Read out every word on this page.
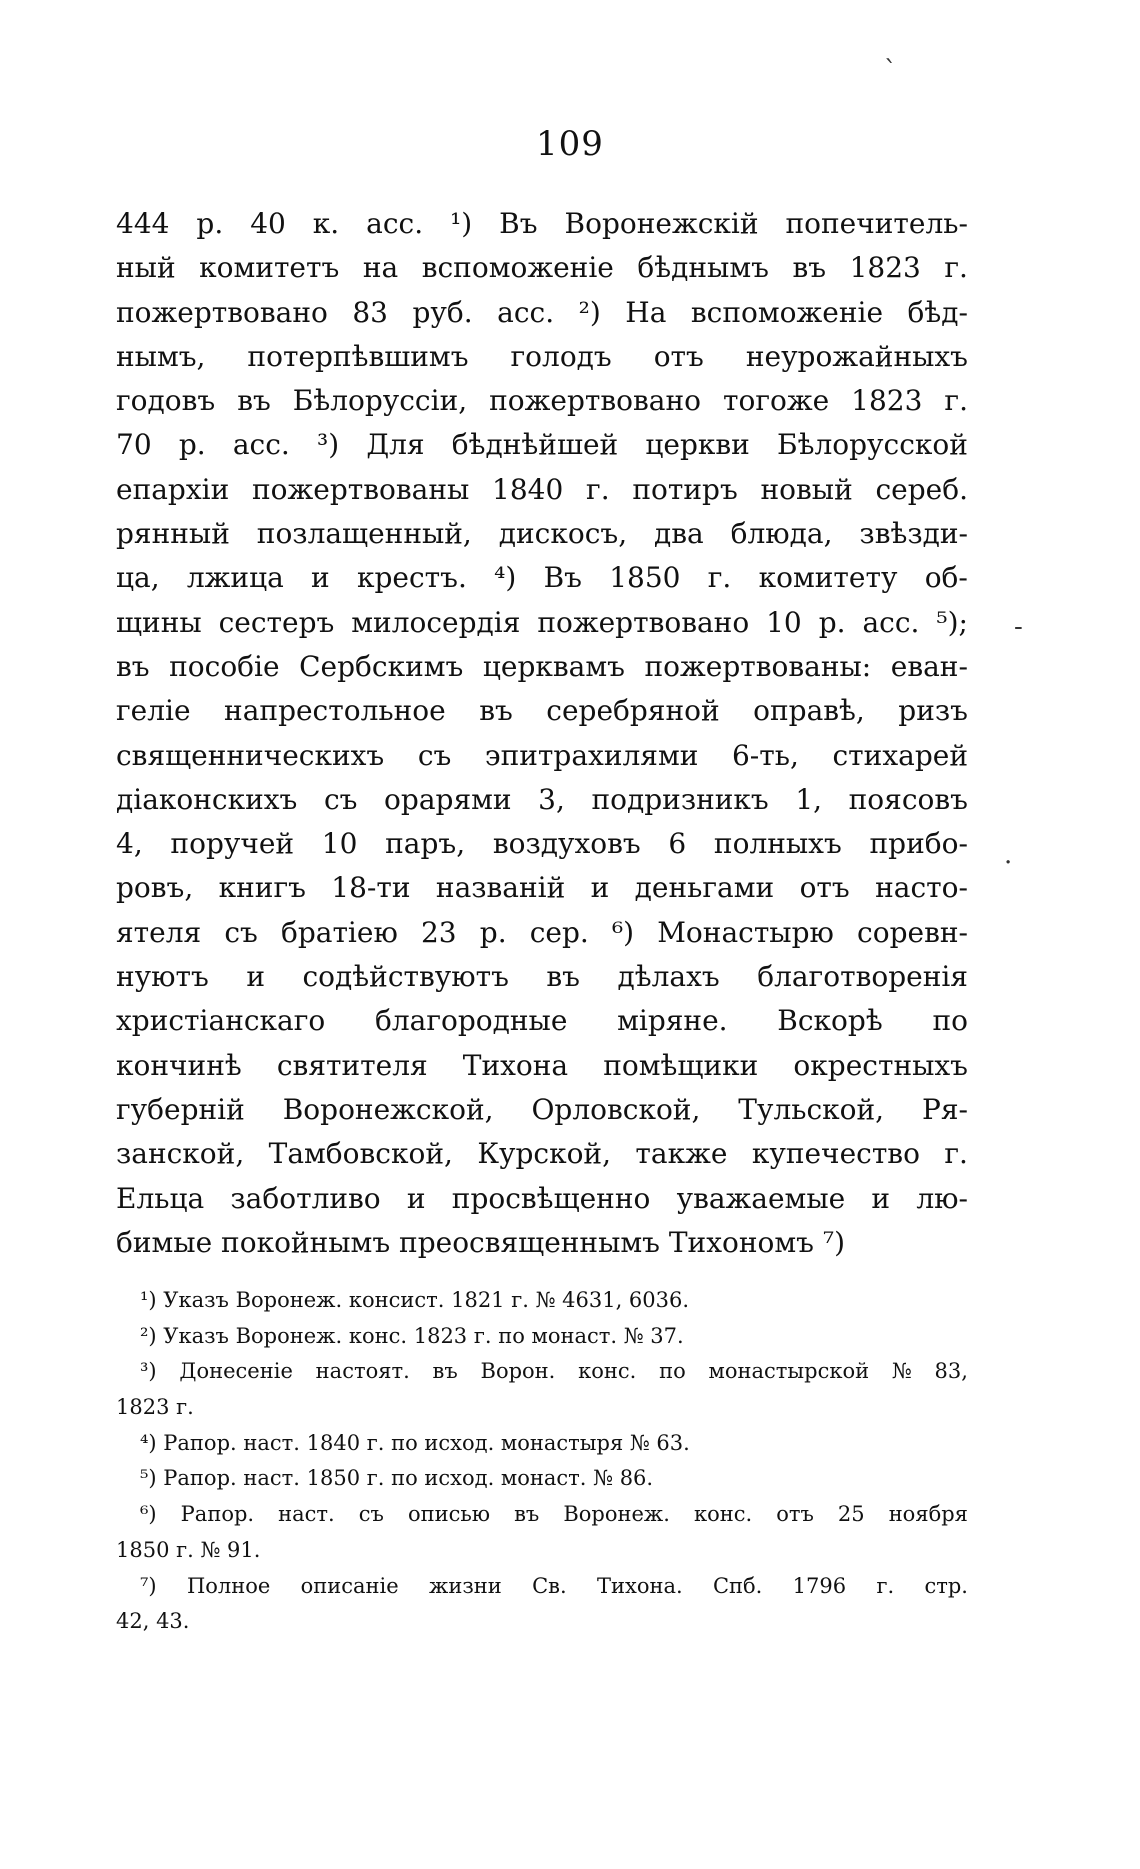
109
`
-
·
444 р. 40 к. асс. ¹) Въ Воронежскій попечитель-
ный комитетъ на вспоможеніе бѣднымъ въ 1823 г.
пожертвовано 83 руб. асс. ²) На вспоможеніе бѣд-
нымъ, потерпѣвшимъ голодъ отъ неурожайныхъ
годовъ въ Бѣлоруссіи, пожертвовано тогоже 1823 г.
70 р. асс. ³) Для бѣднѣйшей церкви Бѣлорусской
епархіи пожертвованы 1840 г. потиръ новый сереб.
рянный позлащенный, дискосъ, два блюда, звѣзди-
ца, лжица и крестъ. ⁴) Въ 1850 г. комитету об-
щины сестеръ милосердія пожертвовано 10 р. асс. ⁵);
въ пособіе Сербскимъ церквамъ пожертвованы: еван-
геліе напрестольное въ серебряной оправѣ, ризъ
священническихъ съ эпитрахилями 6-ть, стихарей
діаконскихъ съ орарями 3, подризникъ 1, поясовъ
4, поручей 10 паръ, воздуховъ 6 полныхъ прибо-
ровъ, книгъ 18-ти названій и деньгами отъ насто-
ятеля съ братіею 23 р. сер. ⁶) Монастырю соревн-
нуютъ и содѣйствуютъ въ дѣлахъ благотворенія
христіанскаго благородные міряне. Вскорѣ по
кончинѣ святителя Тихона помѣщики окрестныхъ
губерній Воронежской, Орловской, Тульской, Ря-
занской, Тамбовской, Курской, также купечество г.
Ельца заботливо и просвѣщенно уважаемые и лю-
бимые покойнымъ преосвященнымъ Тихономъ ⁷)
¹) Указъ Воронеж. консист. 1821 г. № 4631, 6036.
²) Указъ Воронеж. конс. 1823 г. по монаст. № 37.
³) Донесеніе настоят. въ Ворон. конс. по монастырской № 83,
1823 г.
⁴) Рапор. наст. 1840 г. по исход. монастыря № 63.
⁵) Рапор. наст. 1850 г. по исход. монаст. № 86.
⁶) Рапор. наст. съ описью въ Воронеж. конс. отъ 25 ноября
1850 г. № 91.
⁷) Полное описаніе жизни Св. Тихона. Спб. 1796 г. стр.
42, 43.
